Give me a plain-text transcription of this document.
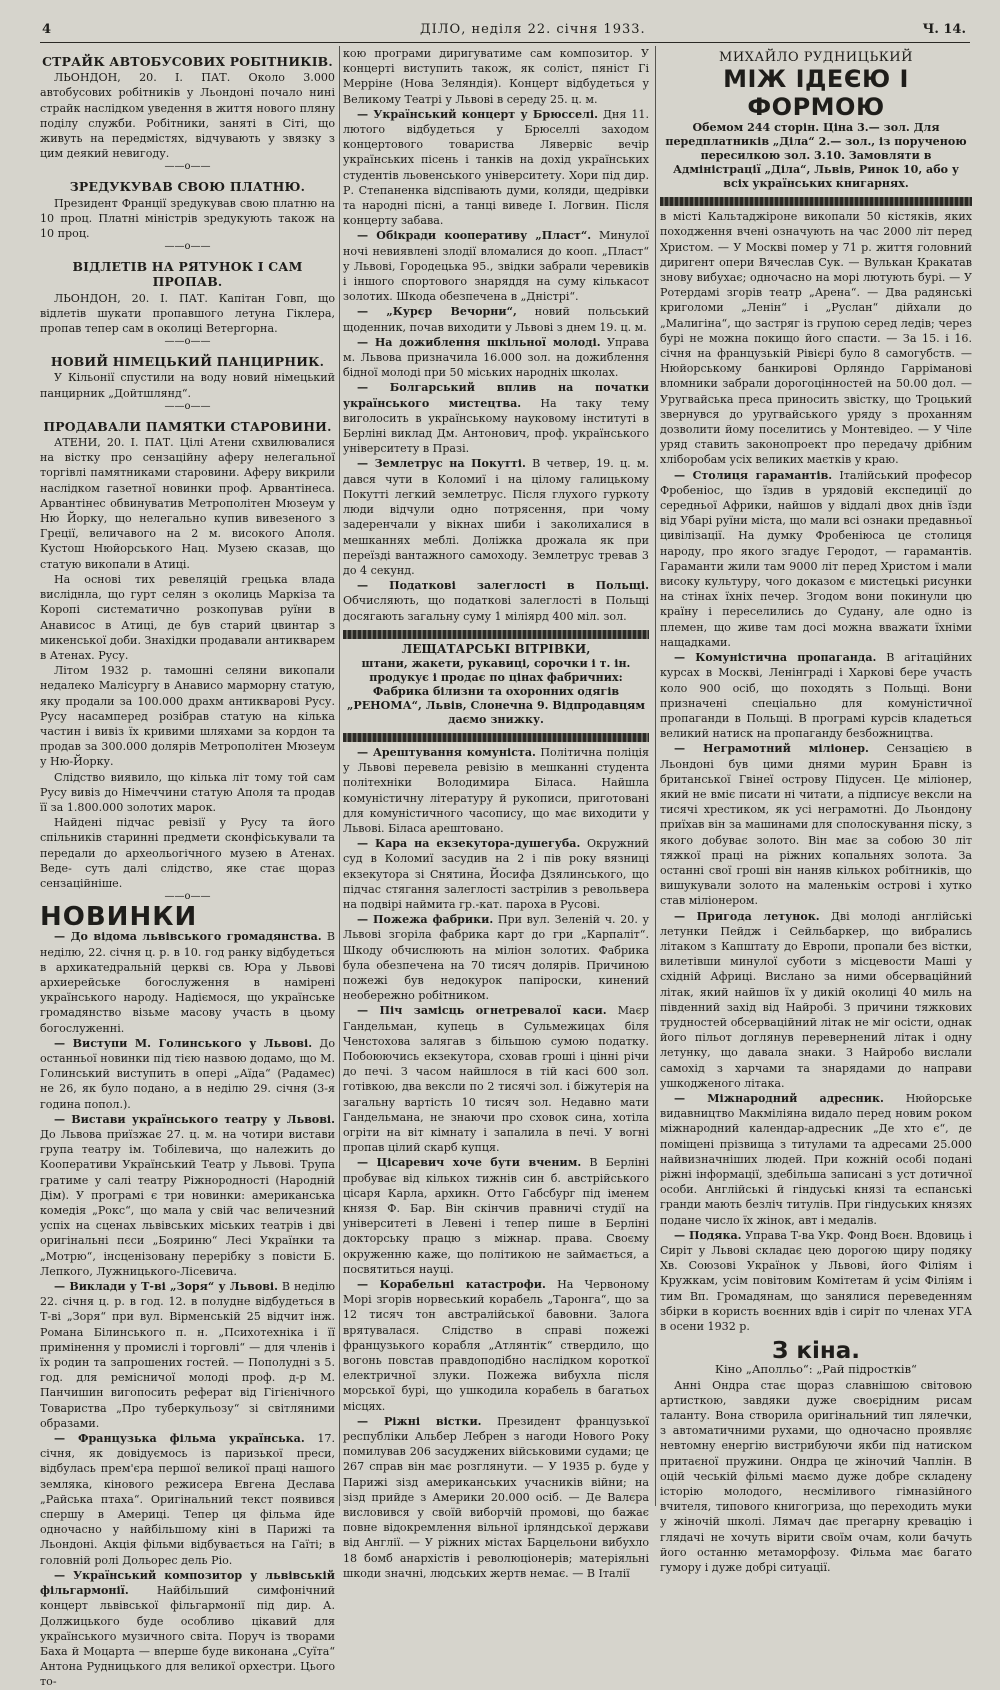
4	ДІЛО, неділя 22. січня 1933.	Ч. 14.
СТРАЙК АВТОБУСОВИХ РОБІТНИКІВ.

ЛЬОНДОН, 20. І. ПАТ. Около 3.000 автобусових робітників у Льондоні почало нині страйк наслідком уведення в життя нового пляну поділу служби. Робітники, заняті в Сіті, що живуть на передмістях, відчувають у звязку з цим деякий невигоду.

——o——
ЗРЕДУКУВАВ СВОЮ ПЛАТНЮ.

Президент Франції зредукував свою платню на 10 проц. Платні міністрів зредукують також на 10 проц.

——o——
ВІДЛЕТІВ НА РЯТУНОК І САМ ПРОПАВ.

ЛЬОНДОН, 20. І. ПАТ. Капітан Говп, що відлетів шукати пропавшого летуна Гіклера, пропав тепер сам в околиці Ветергорна.

——o——
НОВИЙ НІМЕЦЬКИЙ ПАНЦИРНИК.

У Кільонії спустили на воду новий німецький панцирник „Дойтшлянд“.

——o——
ПРОДАВАЛИ ПАМЯТКИ СТАРОВИНИ.

АТЕНИ, 20. І. ПАТ. Цілі Атени схвилювалися на вістку про сензаційну аферу нелегальної торгівлі памятниками старовини. Аферу викрили наслідком газетної новинки проф. Арвантінеса. Арвантінес обвинуватив Метрополітен Мюзеум у Ню Йорку, що нелегально купив вивезеного з Греції, величавого на 2 м. високого Аполя. Кустош Нюйорського Нац. Музею сказав, що статую викопали в Атиці.

На основі тих ревеляцій грецька влада висліднла, що гурт селян з околиць Маркіза та Коропі систематично розкопував руїни в Анависос в Атиці, де був старий цвинтар з микенської доби. Знахідки продавали антикварем в Атенах. Русу.

Літом 1932 р. тамошні селяни викопали недалеко Малісургу в Анависо марморну статую, яку продали за 100.000 драхм антикварові Русу. Русу насамперед розібрав статую на кілька частин і вивіз їх кривими шляхами за кордон та продав за 300.000 долярів Метрополітен Мюзеум у Ню-Йорку.

Слідство виявило, що кілька літ тому той сам Русу вивіз до Німеччини статую Аполя та продав її за 1.800.000 золотих марок.

Найдені підчас ревізії у Русу та його спільників старинні предмети сконфіськували та передали до археольогічного музею в Атенах. Веде- суть далі слідство, яке стає щораз сензаційніше.

——o——
НОВИНКИ

— До відома львівського громадянства. В неділю, 22. січня ц. р. в 10. год ранку відбудеться в архикатедральній церкві св. Юра у Львові архиерейське богослуження в намірені українського народу. Надіємося, що українське громадянство візьме масову участь в цьому богослуженні.

— Виступи М. Голинського у Львові. До останньої новинки під тією назвою додамо, що М. Голинський виступить в опері „Аїда“ (Радамес) не 26, як було подано, а в неділю 29. січня (3-я година попол.).

— Вистави українського театру у Львові. До Львова приїзжає 27. ц. м. на чотири вистави група театру ім. Тобілевича, що належить до Кооперативи Український Театр у Львові. Трупа гратиме у салі театру Ріжнородності (Народній Дім). У програмі є три новинки: американська комедія „Рокс“, що мала у свій час величезний успіх на сценах львівських міських театрів і дві оригінальні пєси „Бояриню“ Лесі Українки та „Мотрю“, інсценізовану перерібку з повісти Б. Лепкого, Лужницького-Лісевича.

— Виклади у Т-ві „Зоря“ у Львові. В неділю 22. січня ц. р. в год. 12. в полудне відбудеться в Т-ві „Зоря“ при вул. Вірменській 25 відчит інж. Романа Білинського п. н. „Психотехніка і її примінення у промислі і торговлі“ — для членів і їх родин та запрошених гостей. — Пополудні з 5. год. для ремісничої молоді проф. д-р М. Панчишин вигопосить реферат від Гігієнічного Товариства „Про туберкульозу“ зі світляними образами.

— Французька фільма українська. 17. січня, як довідуємось із паризької преси, відбулась прем'єра першої великої праці нашого земляка, кінового режисера Евгена Деслава „Райська птаха“. Оригінальний текст появився спершу в Америці. Тепер ця фільма йде одночасно у найбільшому кіні в Парижі та Льондоні. Акція фільми відбувається на Гаїті; в головній ролі Дольорес дель Ріо.

— Український композитор у львівській фільгармонії.	Найбільший симфонічний концерт львівської фільгармонії під дир. А. Должицького буде особливо цікавий для українського музичного світа. Поруч із творами Баха й Моцарта — вперше буде виконана „Суїта“ Антона Рудницького для великої орхестри. Цього то-

кою програми диригуватиме сам композитор. У концерті виступить також, як соліст, пяніст Гі Мерріне (Нова Зеляндія). Концерт відбудеться у Великому Театрі у Львові в середу 25. ц. м.

— Український концерт у Брюсселі. Дня 11. лютого відбудеться у Брюселлі заходом концертового товариства Лявервіс вечір українських пісень і танків на дохід українських студентів льовенського університету. Хори під дир. Р. Степаненка відспівають думи, коляди, щедрівки та народні пісні, а танці виведе І. Логвин. Після концерту забава.

— Обікради кооперативу „Пласт“. Минулої ночі невиявлені злодії вломалися до кооп. „Пласт“ у Львові, Городецька 95., звідки забрали черевиків і іншого спортового знаряддя на суму кількасот золотих. Шкода обезпечена в „Дністрі“.

— „Курєр Вечорни“, новий польський щоденник, почав виходити у Львові з днем 19. ц. м.

— На дожиблення шкільної молоді. Управа м. Львова призначила 16.000 зол. на дожиблення бідної молоді при 50 міських народніх школах.

— Болгарський вплив на початки українського мистецтва. На таку тему виголосить в українському науковому інституті в Берліні виклад Дм. Антонович, проф. українського університету в Празі.

— Землетрус на Покутті. В четвер, 19. ц. м. дався чути в Коломиї і на цілому галицькому Покутті легкий землетрус. Після глухого гуркоту люди відчули одно потрясення, при чому задеренчали у вікнах шиби і заколихалися в мешканнях меблі. Доліжка дрожала як при переїзді вантажного самоходу. Землетрус тревав 3 до 4 секунд.

— Податкові залеглості в Польщі. Обчисляють, що податкові залеглості в Польщі досягають загальну суму 1 міліярд 400 міл. зол.

ЛЕЩАТАРСЬКІ ВІТРІВКИ,

штани, жакети, рукавиці, сорочки і т. ін. продукує і продає по цінах фабричних: Фабрика білизни та охоронних одягів „РЕНОМА“, Львів, Слонечна 9. Відпродавцям даємо знижку.

— Арештування комуніста. Політична поліція у Львові перевела ревізію в мешканні студента політехніки Володимира Біласа. Найшла комуністичну літературу й рукописи, приготовані для комуністичного часопису, що має виходити у Львові. Біласа арештовано.

— Кара на екзекутора-душегуба. Окружний суд в Коломиї засудив на 2 і пів року вязниці екзекутора зі Снятина, Йосифа Дзялинського, що підчас стягання залеглості застрілив з револьвера на подвірі наймита гр.-кат. пароха в Русові.

— Пожежа фабрики. При вул. Зеленій ч. 20. у Львові згоріла фабрика карт до гри „Карпаліт“. Шкоду обчислюють на міліон золотих. Фабрика була обезпечена на 70 тисяч долярів. Причиною пожежі був недокурок папіроски, кинений необережно робітником.

— Піч замісць огнетревалої каси. Маєр Гандельман, купець в Сульмежицах біля Ченстохова залягав з більшою сумою податку. Побоюючись екзекутора, сховав гроші і цінні річи до печі. З часом найшлося в тій касі 600 зол. готівкою, два вексли по 2 тисячі зол. і біжутерія на загальну вартість 10 тисяч зол. Недавно мати Гандельмана, не знаючи про сховок сина, хотіла огріти на віт кімнату і запалила в печі. У вогні пропав цілий скарб купця.

— Цісаревич хоче бути вченим. В Берліні пробуває від кількох тижнів син б. австрійського цісаря Карла, архикн. Отто Габсбург під іменем князя Ф. Бар. Він скінчив правничі студії на університеті в Левені і тепер пише в Берліні докторську працю з міжнар. права. Своєму окруженню каже, що політикою не займається, а посвятиться науці.

— Корабельні катастрофи. На Червоному Морі згорів норвеський корабель „Таронга“, що за 12 тисяч тон австралійської бавовни. Залога врятувалася. Слідство в справі пожежі французького корабля „Атлянтік“ ствердило, що вогонь повстав правдоподібно наслідком короткої електричної злуки. Пожежа вибухла після морської бурі, що ушкодила корабель в багатьох місцях.

— Ріжні вістки. Президент французької республіки Альбер Лебрен з нагоди Нового Року помилував 206 засуджених військовими судами; це 267 справ він має розглянути. — У 1935 р. буде у Парижі зізд американських учасників війни; на зізд прийде з Америки 20.000 осіб. — Де Валєра висловився у своїй виборчій промові, що бажає повне відокремлення вільної ірляндської держави від Англії. — У ріжних містах Барцельони вибухло 18 бомб анархістів і революціонерів; матеріяльні шкоди значні, людських жертв немає. — В Італії

МИХАЙЛО РУДНИЦЬКИЙ
МІЖ ІДЕЄЮ І ФОРМОЮ

Обемом 244 сторін. Ціна 3.— зол. Для передплатників „Діла“ 2.— зол., із порученою пересилкою зол. 3.10. Замовляти в Адміністрації „Діла“, Львів, Ринок 10, або у всіх українських книгарнях.

в місті Кальтаджіроне викопали 50 кістяків, яких походження вчені означують на час 2000 літ перед Христом. — У Москві помер у 71 р. життя головний диригент опери Вячеслав Сук. — Вулькан Кракатав знову вибухає; одночасно на морі лютують бурі. — У Ротердамі згорів театр „Арена“. — Два радянські криголоми „Ленін“ і „Руслан“ дійхали до „Малигіна“, що застряг із групою серед ледів; через бурі не можна покищо його спасти. — За 15. і 16. січня на французькій Рівієрі було 8 самогубств. — Нюйорському банкирові Орляндо Гарріманові вломники забрали дорогоцінностей на 50.00 дол. — Уругвайська преса приносить звістку, що Троцький звернувся до уругвайського уряду з проханням дозволити йому поселитись у Монтевідео. — У Чіле уряд ставить законопроект про передачу дрібним хліборобам усіх великих маєтків у краю.

— Столиця гарамантів. Італійський професор Фробеніос, що їздив в урядовій експедиції до середньої Африки, найшов у віддалі двох днів їзди від Убарі руїни міста, що мали всі ознаки предавньої цивілізації. На думку Фробеніюса це столиця народу, про якого згадує Геродот, — гарамантів. Гараманти жили там 9000 літ перед Христом і мали високу культуру, чого доказом є мистецькі рисунки на стінах їхніх печер. Згодом вони покинули цю країну і переселились до Судану, але одно із племен, що живе там досі можна вважати їхніми нащадками.

— Комуністична пропаганда. В агітаційних курсах в Москві, Ленінграді і Харкові бере участь коло 900 осіб, що походять з Польщі. Вони призначені спеціально для комуністичної пропаганди в Польщі. В програмі курсів кладеться великий натиск на пропаганду безбожництва.

— Неграмотний міліонер. Сензацією в Льондоні був цими днями мурин Бравн із британської Гвінеї острову Підусен. Це міліонер, який не вміє писати ні читати, а підписує вексли на тисячі хрестиком, як усі неграмотні. До Льондону приїхав він за машинами для сполоскування піску, з якого добуває золото. Він має за собою 30 літ тяжкої праці на ріжних копальнях золота. За останні свої гроші він наняв кількох робітників, що вишукували золото на маленькім острові і хутко став міліонером.

— Пригода летунок. Дві молоді англійські летунки Пейдж і Сейльбаркер, що вибрались літаком з Капштату до Европи, пропали без вістки, вилетівши минулої суботи з місцевости Маші у східній Африці. Вислано за ними обсерваційний літак, який найшов їх у дикій околиці 40 миль на південний захід від Найробі. З причини тяжкових трудностей обсерваційний літак не міг осісти, однак його пільот доглянув перевернений літак і одну летунку, що давала знаки. З Найробо вислали самохід з харчами та знарядами до направи ушкодженого літака.

— Міжнародний адресник. Нюйорське видавництво Макміліяна видало перед новим роком міжнародний календар-адресник „Де хто є“, де поміщені прізвища з титулами та адресами 25.000 найвизначніших людей. При кожній особі подані ріжні інформації, здебільша записані з уст дотичної особи. Англійські й гіндуські князі та еспанські гранди мають безліч титулів. При гіндуських князях подане число їх жінок, авт і медалів.

— Подяка. Управа Т-ва Укр. Фонд Воєн. Вдовиць і Сиріт у Львові складає цею дорогою щиру подяку Хв. Союзові Українок у Львові, його Філіям і Кружкам, усім повітовим Комітетам й усім Філіям і тим Вп. Громадянам, що занялися переведенням збірки в користь воєнних вдів і сиріт по членах УГА в осени 1932 р.

З кіна.
Кіно „Аполльо“: „Рай підростків“

Анні Ондра стає щораз славнішою світовою артисткою, завдяки дуже своєрідним рисам таланту. Вона створила оригінальний тип лялечки, з автоматичними рухами, що одночасно проявляє невтомну енергію вистрибуючи якби під натиском притаєної пружини. Ондра це жіночий Чаплін. В оцій чеській фільмі маємо дуже добре складену історію молодого, несміливого гімназійного вчителя, типового книгогриза, що переходить муки у жіночій школі. Лямач дає прегарну кревацію і глядачі не хочуть вірити своїм очам, коли бачуть його останню метаморфозу. Фільма має багато гумору і дуже добрі ситуації.
